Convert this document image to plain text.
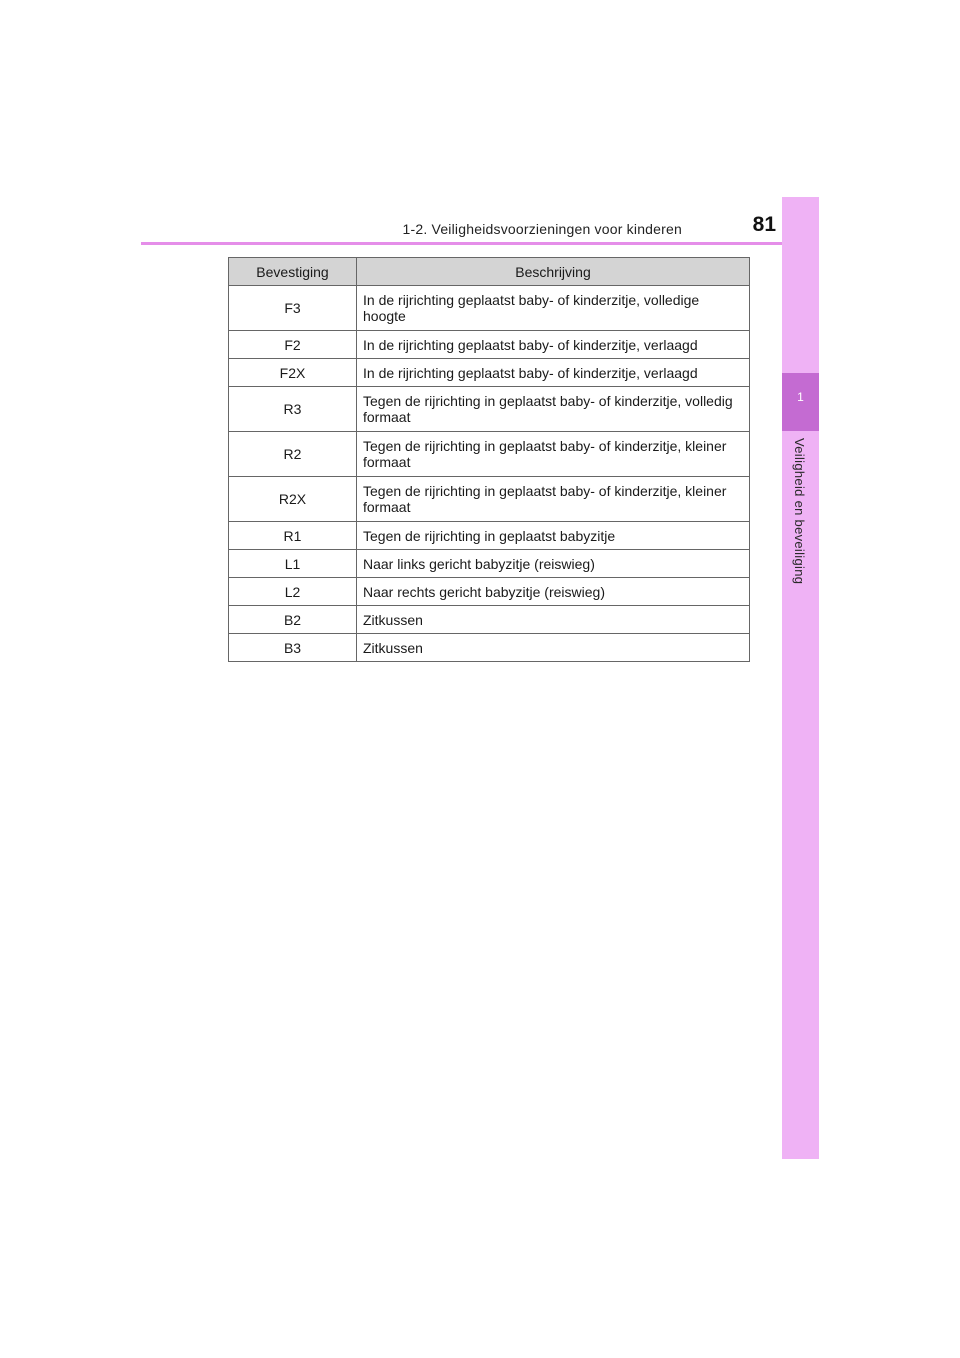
1-2. Veiligheidsvoorzieningen voor kinderen	81
1
Veiligheid en beveiliging
Bevestiging	Beschrijving
F3	In de rijrichting geplaatst baby- of kinderzitje, volledige hoogte
F2	In de rijrichting geplaatst baby- of kinderzitje, verlaagd
F2X	In de rijrichting geplaatst baby- of kinderzitje, verlaagd
R3	Tegen de rijrichting in geplaatst baby- of kinderzitje, volledig formaat
R2	Tegen de rijrichting in geplaatst baby- of kinderzitje, kleiner formaat
R2X	Tegen de rijrichting in geplaatst baby- of kinderzitje, kleiner formaat
R1	Tegen de rijrichting in geplaatst babyzitje
L1	Naar links gericht babyzitje (reiswieg)
L2	Naar rechts gericht babyzitje (reiswieg)
B2	Zitkussen
B3	Zitkussen
